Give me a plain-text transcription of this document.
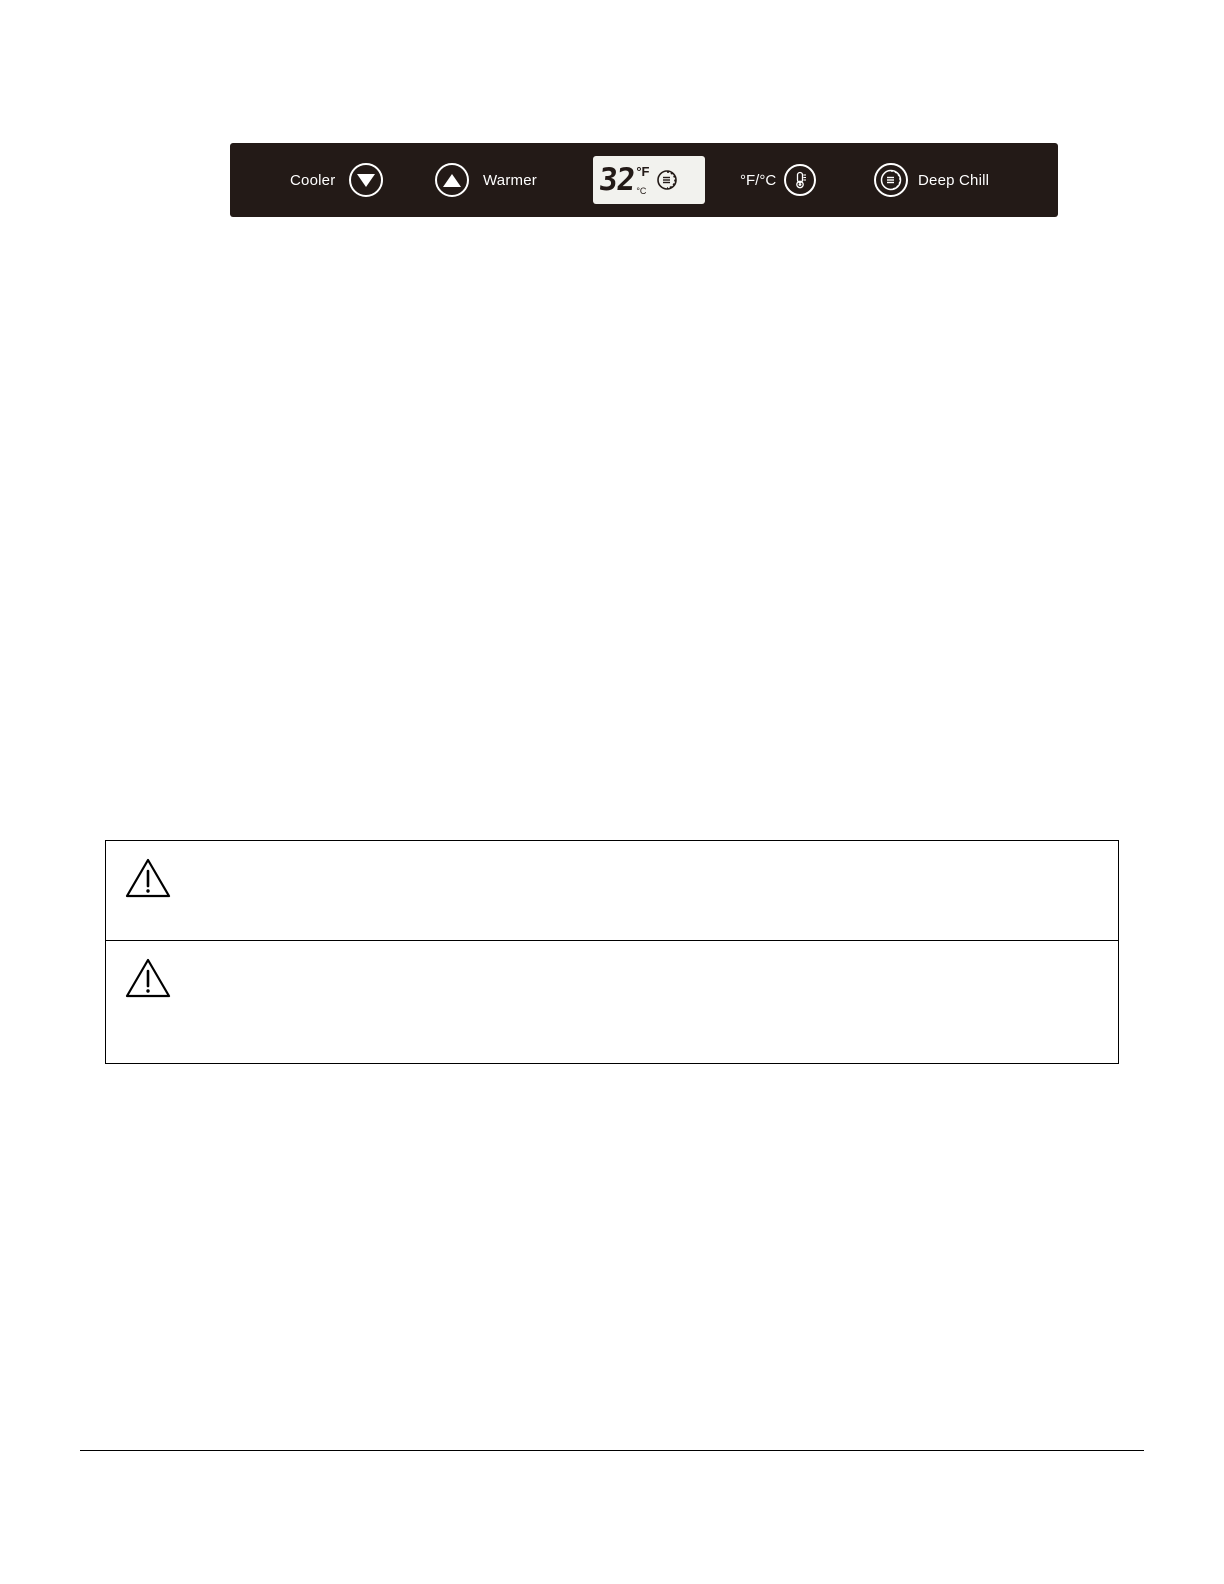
Cooler	Warmer 32 °F
°C
°F/°C	Deep Chill
